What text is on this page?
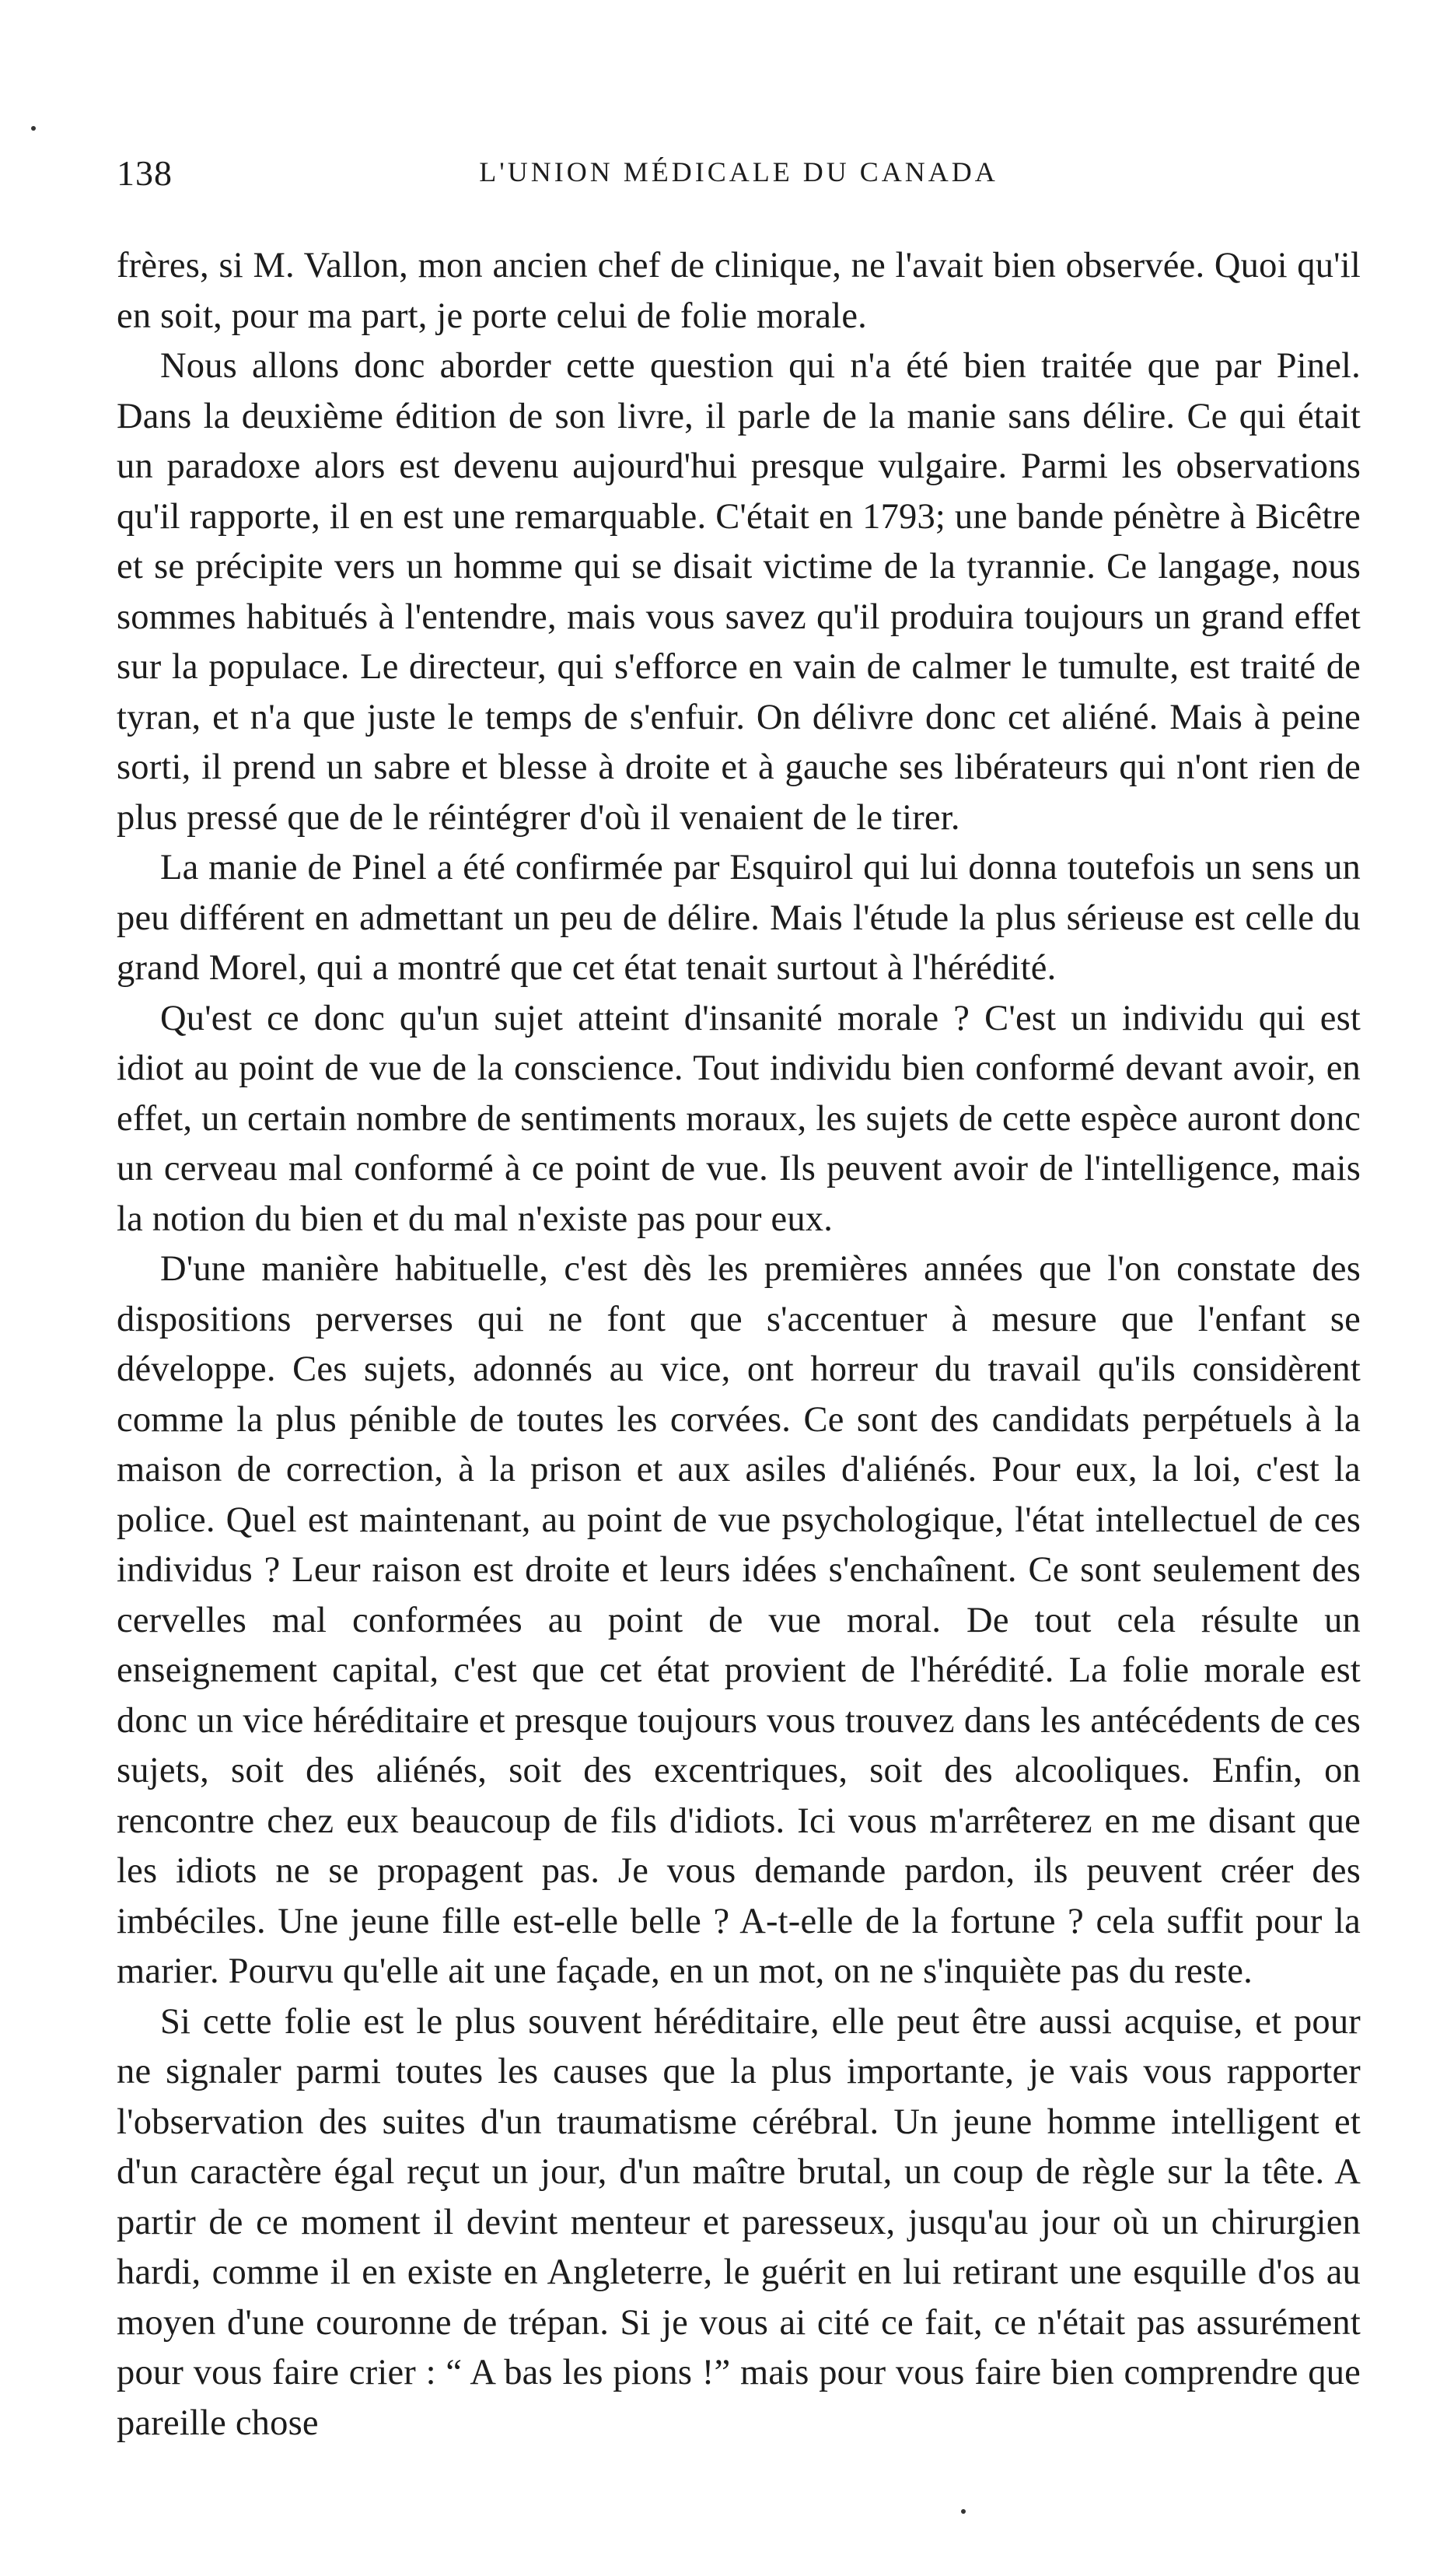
138	L'UNION MÉDICALE DU CANADA

frères, si M. Vallon, mon ancien chef de clinique, ne l'avait bien observée. Quoi qu'il en soit, pour ma part, je porte celui de folie morale.

Nous allons donc aborder cette question qui n'a été bien traitée que par Pinel. Dans la deuxième édition de son livre, il parle de la manie sans délire. Ce qui était un paradoxe alors est devenu aujourd'hui presque vulgaire. Parmi les observations qu'il rapporte, il en est une remarquable. C'était en 1793; une bande pénètre à Bicêtre et se précipite vers un homme qui se disait victime de la tyrannie. Ce langage, nous sommes habitués à l'entendre, mais vous savez qu'il produira toujours un grand effet sur la populace. Le directeur, qui s'efforce en vain de calmer le tumulte, est traité de tyran, et n'a que juste le temps de s'enfuir. On délivre donc cet aliéné. Mais à peine sorti, il prend un sabre et blesse à droite et à gauche ses libérateurs qui n'ont rien de plus pressé que de le réintégrer d'où il venaient de le tirer.

La manie de Pinel a été confirmée par Esquirol qui lui donna toutefois un sens un peu différent en admettant un peu de délire. Mais l'étude la plus sérieuse est celle du grand Morel, qui a montré que cet état tenait surtout à l'hérédité.

Qu'est ce donc qu'un sujet atteint d'insanité morale ? C'est un individu qui est idiot au point de vue de la conscience. Tout individu bien conformé devant avoir, en effet, un certain nombre de sentiments moraux, les sujets de cette espèce auront donc un cerveau mal conformé à ce point de vue. Ils peuvent avoir de l'intelligence, mais la notion du bien et du mal n'existe pas pour eux.

D'une manière habituelle, c'est dès les premières années que l'on constate des dispositions perverses qui ne font que s'accentuer à mesure que l'enfant se développe. Ces sujets, adonnés au vice, ont horreur du travail qu'ils considèrent comme la plus pénible de toutes les corvées. Ce sont des candidats perpétuels à la maison de correction, à la prison et aux asiles d'aliénés. Pour eux, la loi, c'est la police. Quel est maintenant, au point de vue psychologique, l'état intellectuel de ces individus ? Leur raison est droite et leurs idées s'enchaînent. Ce sont seulement des cervelles mal conformées au point de vue moral. De tout cela résulte un enseignement capital, c'est que cet état provient de l'hérédité. La folie morale est donc un vice héréditaire et presque toujours vous trouvez dans les antécédents de ces sujets, soit des aliénés, soit des excentriques, soit des alcooliques. Enfin, on rencontre chez eux beaucoup de fils d'idiots. Ici vous m'arrêterez en me disant que les idiots ne se propagent pas. Je vous demande pardon, ils peuvent créer des imbéciles. Une jeune fille est-elle belle ? A-t-elle de la fortune ? cela suffit pour la marier. Pourvu qu'elle ait une façade, en un mot, on ne s'inquiète pas du reste.

Si cette folie est le plus souvent héréditaire, elle peut être aussi acquise, et pour ne signaler parmi toutes les causes que la plus importante, je vais vous rapporter l'observation des suites d'un traumatisme cérébral. Un jeune homme intelligent et d'un caractère égal reçut un jour, d'un maître brutal, un coup de règle sur la tête. A partir de ce moment il devint menteur et paresseux, jusqu'au jour où un chirurgien hardi, comme il en existe en Angleterre, le guérit en lui retirant une esquille d'os au moyen d'une couronne de trépan. Si je vous ai cité ce fait, ce n'était pas assurément pour vous faire crier : “ A bas les pions !” mais pour vous faire bien comprendre que pareille chose
